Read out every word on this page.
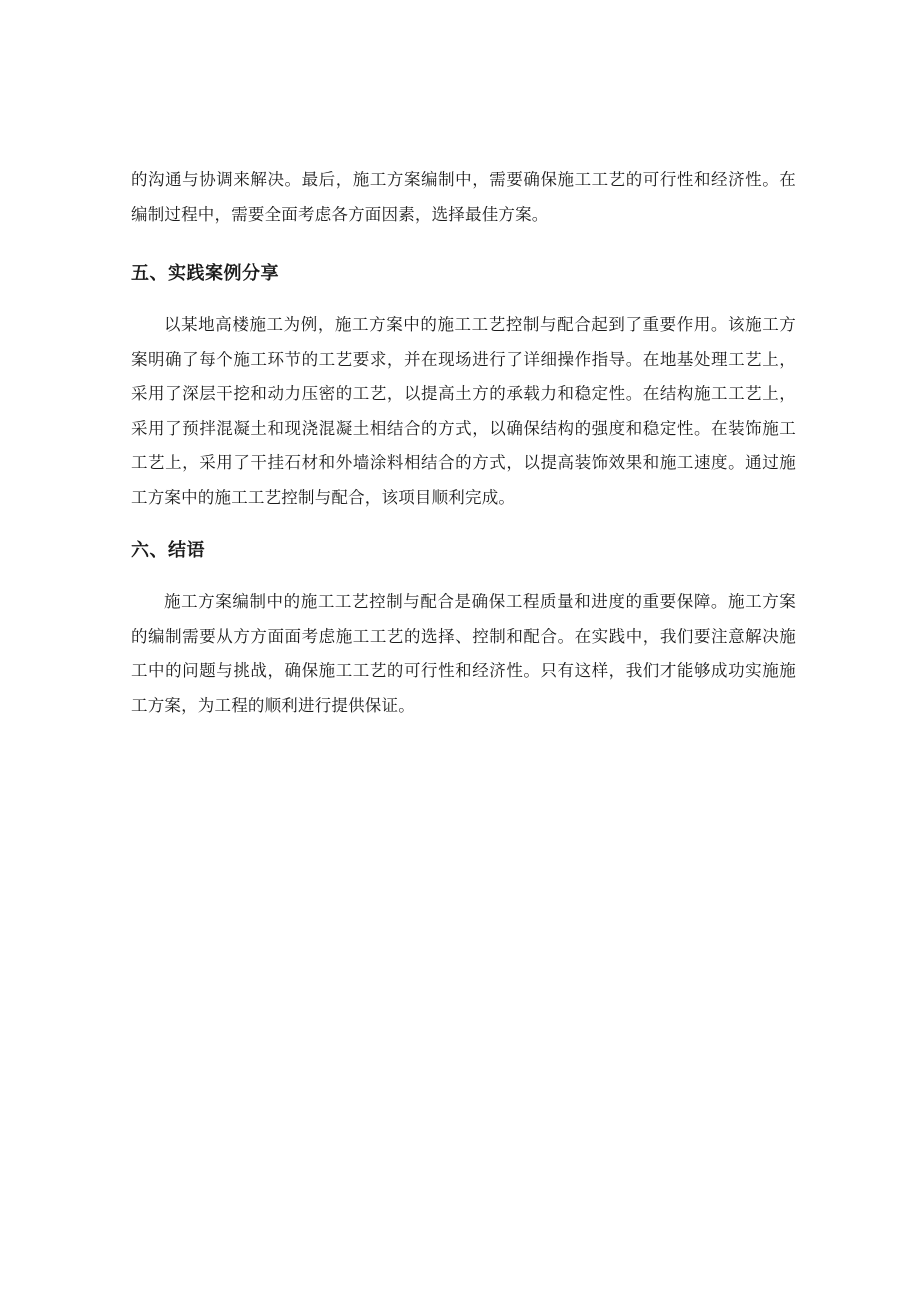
的沟通与协调来解决。最后，施工方案编制中，需要确保施工工艺的可行性和经济性。在编制过程中，需要全面考虑各方面因素，选择最佳方案。

五、实践案例分享

以某地高楼施工为例，施工方案中的施工工艺控制与配合起到了重要作用。该施工方案明确了每个施工环节的工艺要求，并在现场进行了详细操作指导。在地基处理工艺上，采用了深层干挖和动力压密的工艺，以提高土方的承载力和稳定性。在结构施工工艺上，采用了预拌混凝土和现浇混凝土相结合的方式，以确保结构的强度和稳定性。在装饰施工工艺上，采用了干挂石材和外墙涂料相结合的方式，以提高装饰效果和施工速度。通过施工方案中的施工工艺控制与配合，该项目顺利完成。

六、结语

施工方案编制中的施工工艺控制与配合是确保工程质量和进度的重要保障。施工方案的编制需要从方方面面考虑施工工艺的选择、控制和配合。在实践中，我们要注意解决施工中的问题与挑战，确保施工工艺的可行性和经济性。只有这样，我们才能够成功实施施工方案，为工程的顺利进行提供保证。
